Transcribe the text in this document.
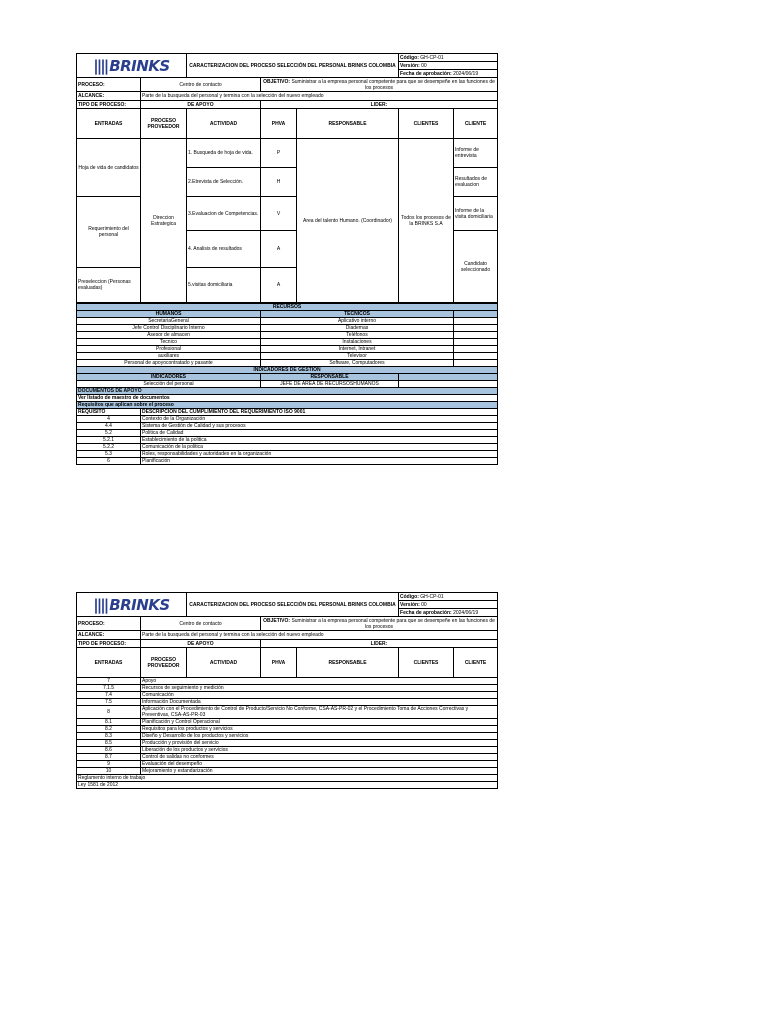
|||| BRINKS		CARACTERIZACION DEL PROCESO SELECCIÓN DEL PERSONAL BRINKS COLOMBIA			Código: GH-CP-01	
					Versión: 00	
					Fecha de aprobación: 2024/06/19	
PROCESO:	Centro de contacto		OBJETIVO: Suministrar a la empresa personal competente para que se desempeñe en las funciones de los procesos			
ALCANCE:	Parte de la busqueda del personal y termina con la selección del nuevo empleado					
TIPO DE PROCESO:	DE APOYO		LIDER:			
ENTRADAS	PROCESO PROVEEDOR	ACTIVIDAD	PHVA	RESPONSABLE	CLIENTES	CLIENTE
Hoja de vida de candidatos	Direccion Estrategica	1. Busqueda de hoja de vida.	P	Area del talento Humano. (Coordinador)	Todos los procesos de la BRINKS S.A	Informe de entrevista
		2.Etrevista de Selección.	H			Resultados de evaluacion
Requerimiento del personal		3.Evaluacion de Competencias.	V			Informe de la visita domiciliaria
		4. Analisis de resultados	A			Candidato seleccionado
Preseleccion (Personas evaluadas)		5.visitas domiciliaria	A			
RECURSOS				
HUMANOS		TECNICOS		
SecretariaGeneral		Aplicativo interno		
Jefe Control Disciplinario Interno		Diademas		
Asesor de almacen		Teléfonos		
Tecnico		Instalaciones		
Profesional		Internet, Intranet		
auxiliares		Televisor		
Personal de apoyocontratado y pasante		Software, Computadores		
INDICADORES DE GESTION				
INDICADORES		RESPONSABLE		
Selección del personal		JEFE DE AREA DE RECURSOSHUMANOS		
DOCUMENTOS DE APOYO				
Ver listado de maestro de documentos				
Requisitos que aplican sobre el proceso				
REQUISITO	DESCRIPCIÓN DEL CUMPLIMIENTO DEL REQUERIMIENTO ISO 9001			
4	Contexto de la Organización			
4.4	Sistema de Gestión de Calidad y sus procesos			
5.2	Politica de Calidad			
5.2.1	Establecimiento de la politica			
5.2.2	Comunicación de la politica			
5.3	Roles, responsabilidades y autoridades en la organización			
6	Planificación			
|||| BRINKS		CARACTERIZACION DEL PROCESO SELECCIÓN DEL PERSONAL BRINKS COLOMBIA			Código: GH-CP-01	
					Versión: 00	
					Fecha de aprobación: 2024/06/19	
PROCESO:	Centro de contacto		OBJETIVO: Suministrar a la empresa personal competente para que se desempeñe en las funciones de los procesos			
ALCANCE:	Parte de la busqueda del personal y termina con la selección del nuevo empleado					
TIPO DE PROCESO:	DE APOYO		LIDER:			
ENTRADAS	PROCESO PROVEEDOR	ACTIVIDAD	PHVA	RESPONSABLE	CLIENTES	CLIENTE
7	Apoyo					
7.1.5	Recursos de seguimiento y medición					
7.4	Comunicación					
7.5	Información Documentada					
8	Aplicación con el Procedimiento de Control de Producto/Servicio No Conforme, CSA-AS-PR-02 y el Procedimiento Toma de Acciones Correctivas y Preventivas, CSA-AS-PR-03					
8.1	Planificación y Control Operacional					
8.2	Requisitos para los productos y servicios					
8.3	Diseño y Desarrollo de los productos y servicios					
8.5	Producción y provisión del servicio					
8.6	Liberación de los productos y servicios					
8.7	Control de salidas no conformes					
9	Evaluación del desempeño					
10	Mejoramiento y estandarización					
Reglamento interno de trabajo						
Ley 1581 de 2012						
